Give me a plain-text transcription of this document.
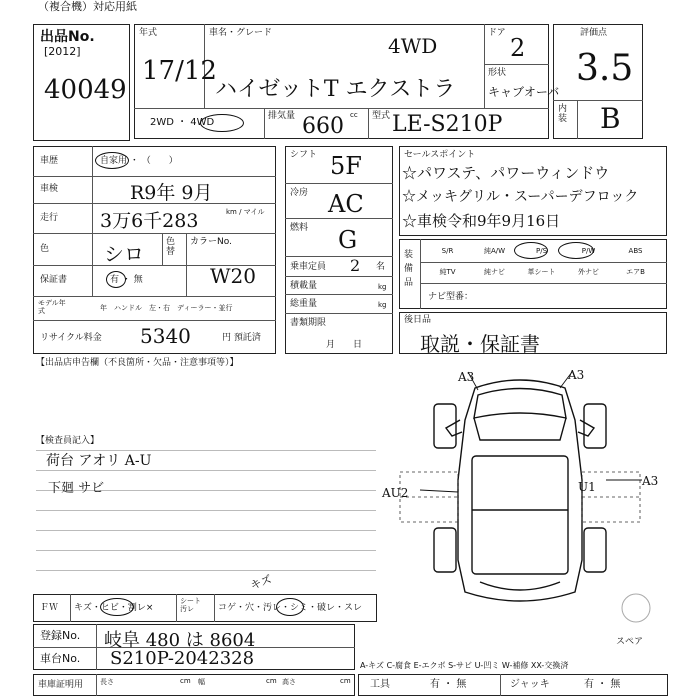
（複合機）対応用紙
出品No.
[2012]
40049
年式
17/12
車名・グレード
4WD
ハイゼットT エクストラ
ドア
2
形状
キャブオーバ
2WD ・ 4WD
排気量 660 cc 型式 LE-S210P
評価点
3.5
内装 B
車歴	自家用 ・ （　　）
車検	R9年 9月
走行 3万6千283	km / マイル
色	シロ 色替
カラーNo.
W20
保証書	有 ・ 無
モデル年式	年　ハンドル　左・右　ディーラー・並行
リサイクル料金 5340	円 預託済
シフト 5F
冷房 AC
燃料 G
乗車定員 2 名
積載量	kg
総重量	kg
書類期限
月　　日
セールスポイント
☆パワステ、パワーウィンドウ
☆メッキグリル・スーパーデフロック
☆車検令和9年9月16日
装備品
S/R	純A/W	P/S	P/W	ABS
純TV	純ナビ	革シート	外ナビ	エアB
ナビ型番：
後日品
取説・保証書
【出品店申告欄（不良箇所・欠品・注意事項等）】
【検査員記入】
荷台 アオリ A-U
下廻 サビ
A3	A3
A3
AU2	U1
スペア
ＦＷ キズ・ヒビ・割レ×
シート 汚レ	コゲ・穴・汚レ・シミ・破レ・スレ
キズ
登録No. 岐阜 480 は 8604
車台No. S210P-2042328
車庫証明用 長さ	cm 幅	cm 高さ	cm
A-キズ C-腐食 E-エクボ S-サビ U-凹ミ W-補修 XX-交換済
工具	有 ・ 無	ジャッキ	有 ・ 無
